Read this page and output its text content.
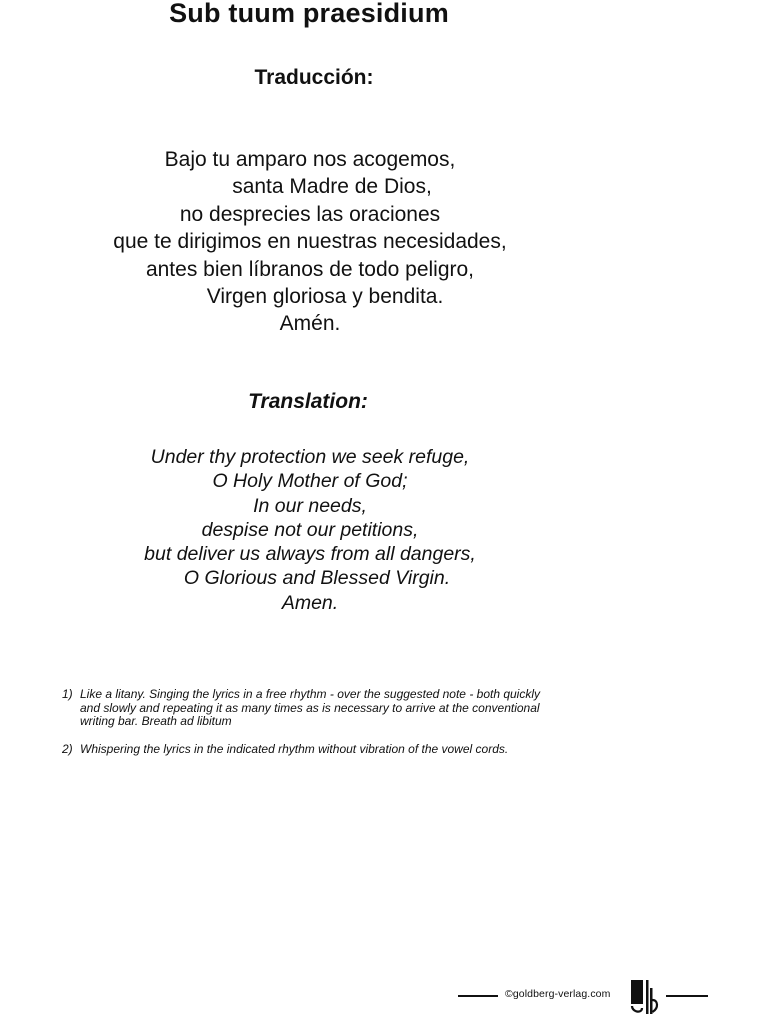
Sub tuum praesidium
Traducción:
Bajo tu amparo nos acogemos,
santa Madre de Dios,
no desprecies las oraciones
que te dirigimos en nuestras necesidades,
antes bien líbranos de todo peligro,
Virgen gloriosa y bendita.
Amén.
Translation:
Under thy protection we seek refuge,
O Holy Mother of God;
In our needs,
despise not our petitions,
but deliver us always from all dangers,
O Glorious and Blessed Virgin.
Amen.
1) Like a litany. Singing the lyrics in a free rhythm - over the suggested note - both quickly and slowly and repeating it as many times as is necessary to arrive at the conventional writing bar. Breath ad libitum
2) Whispering the lyrics in the indicated rhythm without vibration of the vowel cords.
©goldberg-verlag.com
